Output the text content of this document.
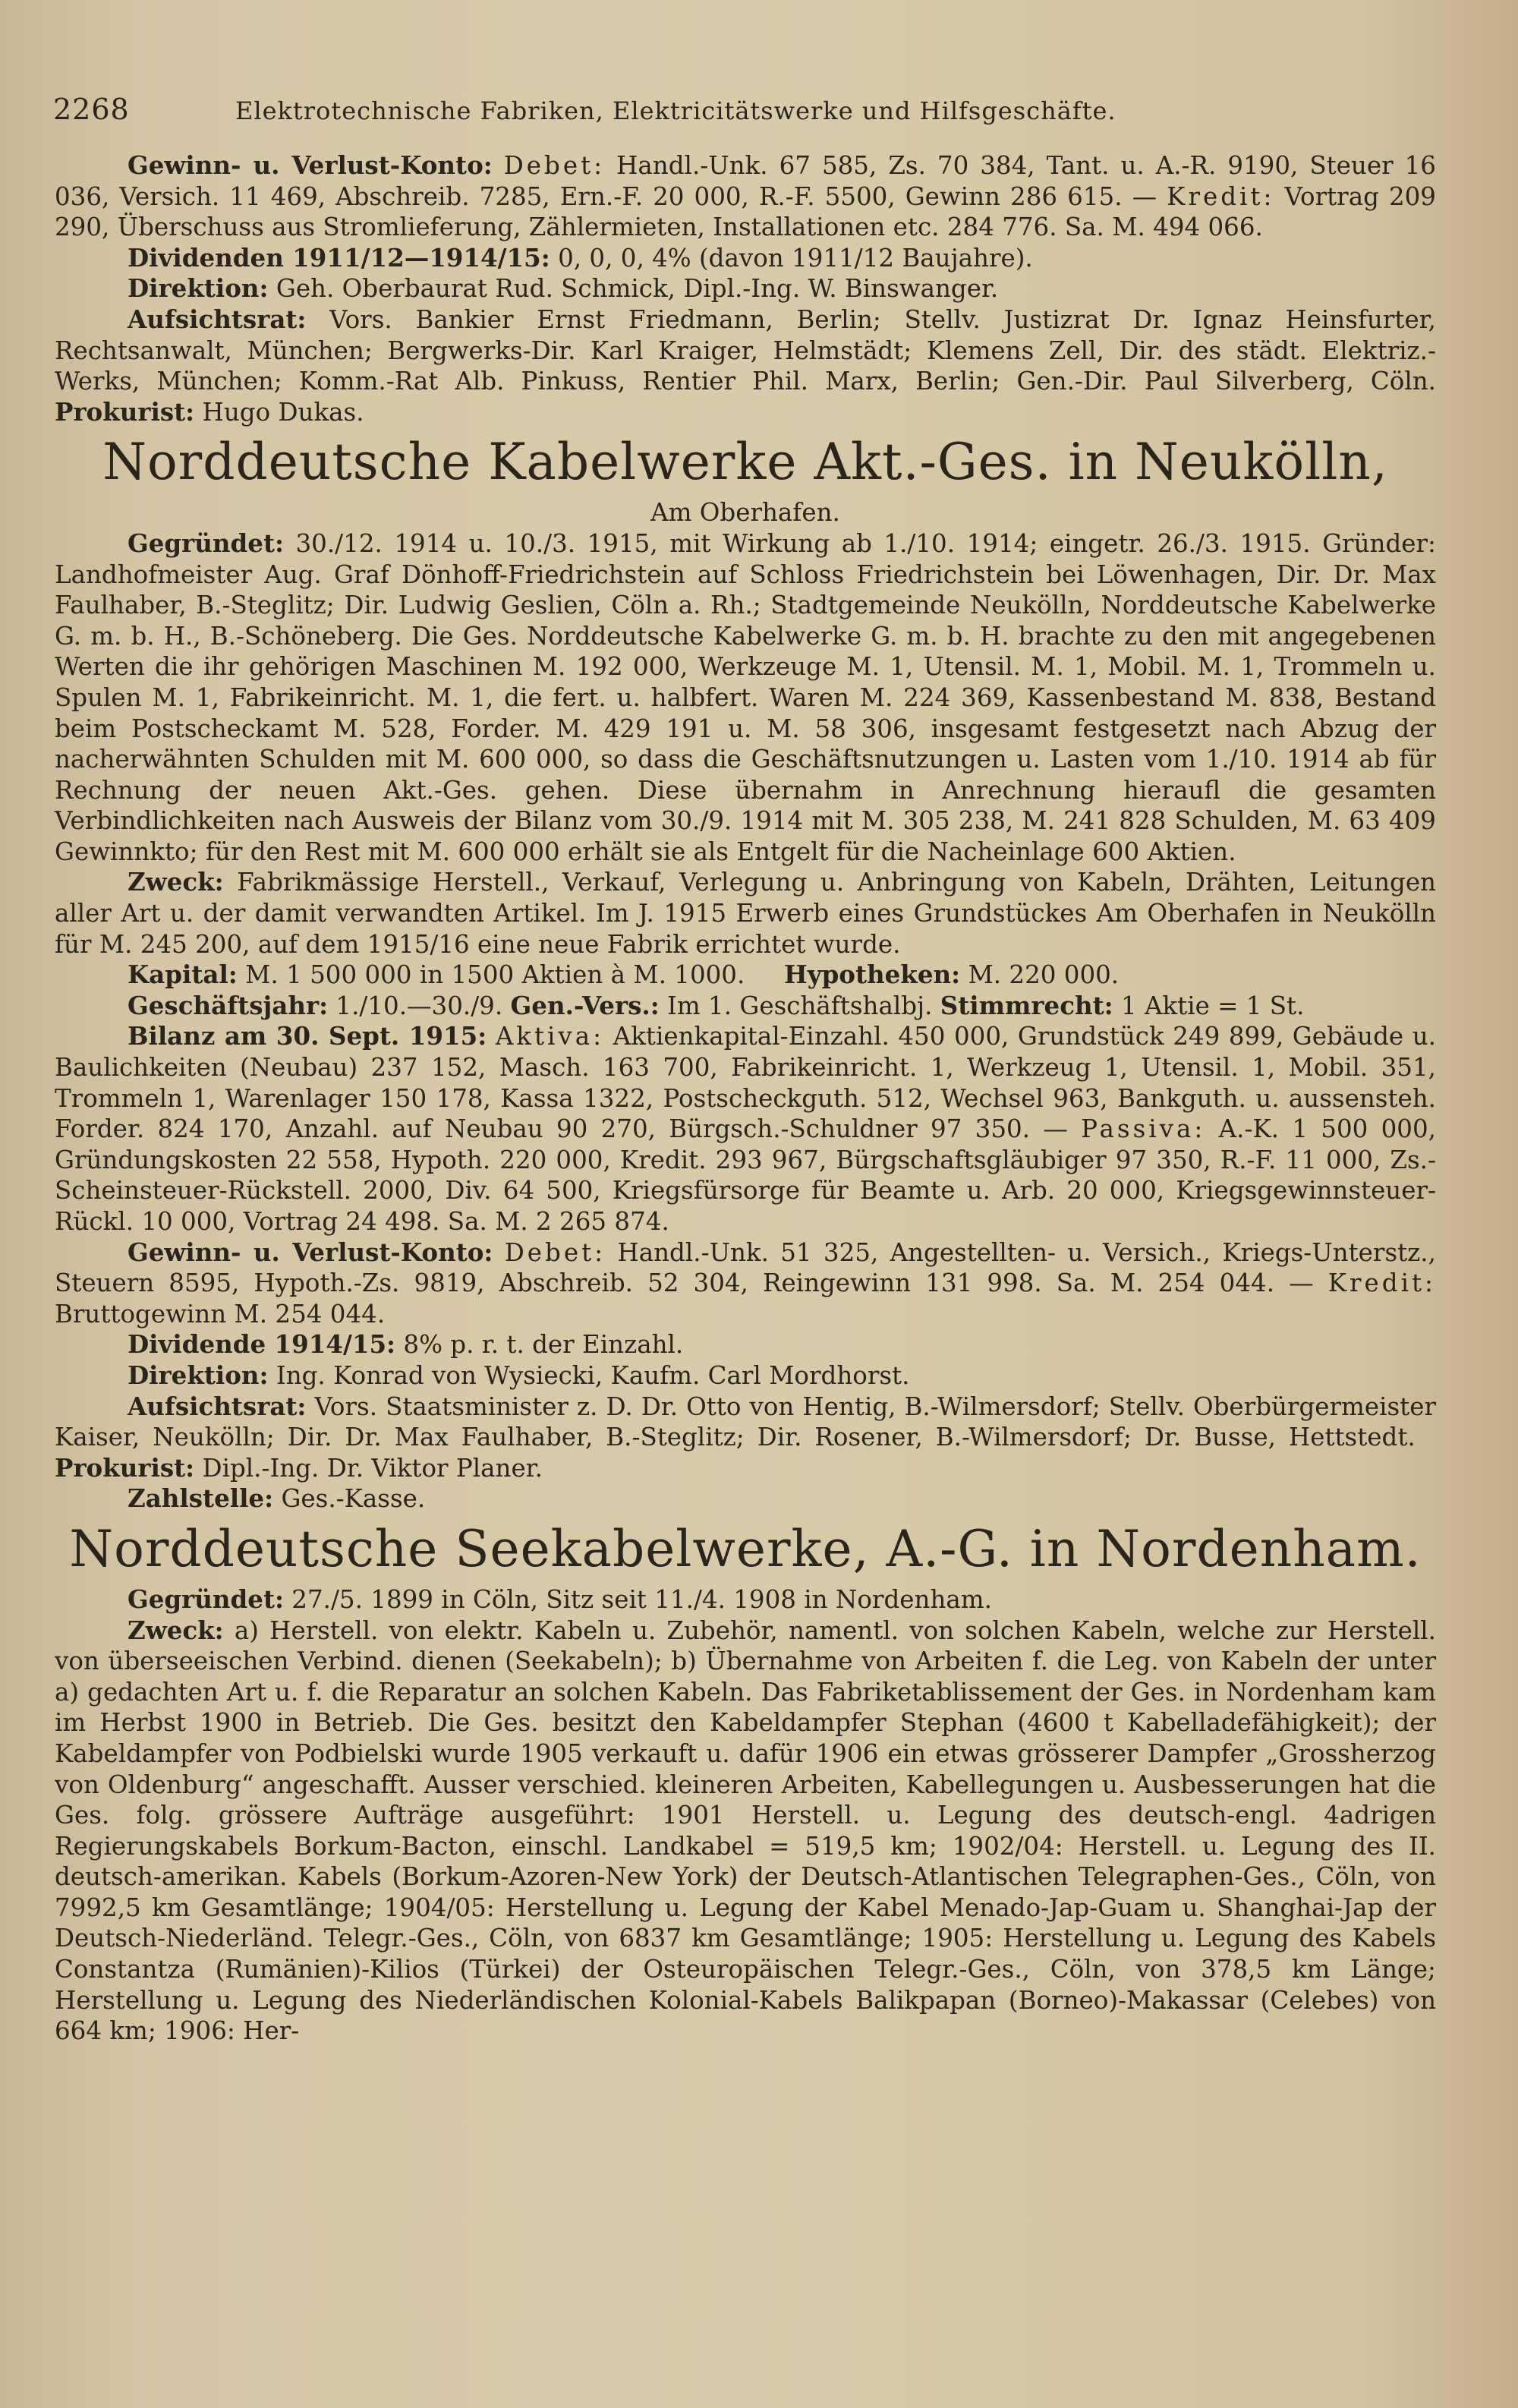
2268	Elektrotechnische Fabriken, Elektricitätswerke und Hilfsgeschäfte.

Gewinn- u. Verlust-Konto: Debet: Handl.-Unk. 67 585, Zs. 70 384, Tant. u. A.-R. 9190, Steuer 16 036, Versich. 11 469, Abschreib. 7285, Ern.-F. 20 000, R.-F. 5500, Gewinn 286 615. — Kredit: Vortrag 209 290, Überschuss aus Stromlieferung, Zählermieten, Installationen etc. 284 776. Sa. M. 494 066.

Dividenden 1911/12—1914/15: 0, 0, 0, 4% (davon 1911/12 Baujahre).

Direktion: Geh. Oberbaurat Rud. Schmick, Dipl.-Ing. W. Binswanger.

Aufsichtsrat: Vors. Bankier Ernst Friedmann, Berlin; Stellv. Justizrat Dr. Ignaz Heinsfurter, Rechtsanwalt, München; Bergwerks-Dir. Karl Kraiger, Helmstädt; Klemens Zell, Dir. des städt. Elektriz.-Werks, München; Komm.-Rat Alb. Pinkuss, Rentier Phil. Marx, Berlin; Gen.-Dir. Paul Silverberg, Cöln. Prokurist: Hugo Dukas.

Norddeutsche Kabelwerke Akt.-Ges. in Neukölln,

Am Oberhafen.

Gegründet: 30./12. 1914 u. 10./3. 1915, mit Wirkung ab 1./10. 1914; eingetr. 26./3. 1915. Gründer: Landhofmeister Aug. Graf Dönhoff-Friedrichstein auf Schloss Friedrichstein bei Löwenhagen, Dir. Dr. Max Faulhaber, B.-Steglitz; Dir. Ludwig Geslien, Cöln a. Rh.; Stadtgemeinde Neukölln, Norddeutsche Kabelwerke G. m. b. H., B.-Schöneberg. Die Ges. Norddeutsche Kabelwerke G. m. b. H. brachte zu den mit angegebenen Werten die ihr gehörigen Maschinen M. 192 000, Werkzeuge M. 1, Utensil. M. 1, Mobil. M. 1, Trommeln u. Spulen M. 1, Fabrikeinricht. M. 1, die fert. u. halbfert. Waren M. 224 369, Kassenbestand M. 838, Bestand beim Postscheckamt M. 528, Forder. M. 429 191 u. M. 58 306, insgesamt festgesetzt nach Abzug der nacherwähnten Schulden mit M. 600 000, so dass die Geschäftsnutzungen u. Lasten vom 1./10. 1914 ab für Rechnung der neuen Akt.-Ges. gehen. Diese übernahm in Anrechnung hieraufl die gesamten Verbindlichkeiten nach Ausweis der Bilanz vom 30./9. 1914 mit M. 305 238, M. 241 828 Schulden, M. 63 409 Gewinnkto; für den Rest mit M. 600 000 erhält sie als Entgelt für die Nacheinlage 600 Aktien.

Zweck: Fabrikmässige Herstell., Verkauf, Verlegung u. Anbringung von Kabeln, Drähten, Leitungen aller Art u. der damit verwandten Artikel. Im J. 1915 Erwerb eines Grundstückes Am Oberhafen in Neukölln für M. 245 200, auf dem 1915/16 eine neue Fabrik errichtet wurde.

Kapital: M. 1 500 000 in 1500 Aktien à M. 1000. Hypotheken: M. 220 000.

Geschäftsjahr: 1./10.—30./9. Gen.-Vers.: Im 1. Geschäftshalbj. Stimmrecht: 1 Aktie = 1 St.

Bilanz am 30. Sept. 1915: Aktiva: Aktienkapital-Einzahl. 450 000, Grundstück 249 899, Gebäude u. Baulichkeiten (Neubau) 237 152, Masch. 163 700, Fabrikeinricht. 1, Werkzeug 1, Utensil. 1, Mobil. 351, Trommeln 1, Warenlager 150 178, Kassa 1322, Postscheckguth. 512, Wechsel 963, Bankguth. u. aussensteh. Forder. 824 170, Anzahl. auf Neubau 90 270, Bürgsch.-Schuldner 97 350. — Passiva: A.-K. 1 500 000, Gründungskosten 22 558, Hypoth. 220 000, Kredit. 293 967, Bürgschaftsgläubiger 97 350, R.-F. 11 000, Zs.-Scheinsteuer-Rückstell. 2000, Div. 64 500, Kriegsfürsorge für Beamte u. Arb. 20 000, Kriegsgewinnsteuer-Rückl. 10 000, Vortrag 24 498. Sa. M. 2 265 874.

Gewinn- u. Verlust-Konto: Debet: Handl.-Unk. 51 325, Angestellten- u. Versich., Kriegs-Unterstz., Steuern 8595, Hypoth.-Zs. 9819, Abschreib. 52 304, Reingewinn 131 998. Sa. M. 254 044. — Kredit: Bruttogewinn M. 254 044.

Dividende 1914/15: 8% p. r. t. der Einzahl.

Direktion: Ing. Konrad von Wysiecki, Kaufm. Carl Mordhorst.

Aufsichtsrat: Vors. Staatsminister z. D. Dr. Otto von Hentig, B.-Wilmersdorf; Stellv. Oberbürgermeister Kaiser, Neukölln; Dir. Dr. Max Faulhaber, B.-Steglitz; Dir. Rosener, B.-Wilmersdorf; Dr. Busse, Hettstedt.   Prokurist: Dipl.-Ing. Dr. Viktor Planer.

Zahlstelle: Ges.-Kasse.

Norddeutsche Seekabelwerke, A.-G. in Nordenham.

Gegründet: 27./5. 1899 in Cöln, Sitz seit 11./4. 1908 in Nordenham.

Zweck: a) Herstell. von elektr. Kabeln u. Zubehör, namentl. von solchen Kabeln, welche zur Herstell. von überseeischen Verbind. dienen (Seekabeln); b) Übernahme von Arbeiten f. die Leg. von Kabeln der unter a) gedachten Art u. f. die Reparatur an solchen Kabeln. Das Fabriketablissement der Ges. in Nordenham kam im Herbst 1900 in Betrieb. Die Ges. besitzt den Kabeldampfer Stephan (4600 t Kabelladefähigkeit); der Kabeldampfer von Podbielski wurde 1905 verkauft u. dafür 1906 ein etwas grösserer Dampfer „Grossherzog von Oldenburg“ angeschafft. Ausser verschied. kleineren Arbeiten, Kabellegungen u. Ausbesserungen hat die Ges. folg. grössere Aufträge ausgeführt: 1901 Herstell. u. Legung des deutsch-engl. 4adrigen Regierungskabels Borkum-Bacton, einschl. Landkabel = 519,5 km; 1902/04: Herstell. u. Legung des II. deutsch-amerikan. Kabels (Borkum-Azoren-New York) der Deutsch-Atlantischen Telegraphen-Ges., Cöln, von 7992,5 km Gesamtlänge; 1904/05: Herstellung u. Legung der Kabel Menado-Jap-Guam u. Shanghai-Jap der Deutsch-Niederländ. Telegr.-Ges., Cöln, von 6837 km Gesamtlänge; 1905: Herstellung u. Legung des Kabels Constantza (Rumänien)-Kilios (Türkei) der Osteuropäischen Telegr.-Ges., Cöln, von 378,5 km Länge; Herstellung u. Legung des Niederländischen Kolonial-Kabels Balikpapan (Borneo)-Makassar (Celebes) von 664 km; 1906: Her-
